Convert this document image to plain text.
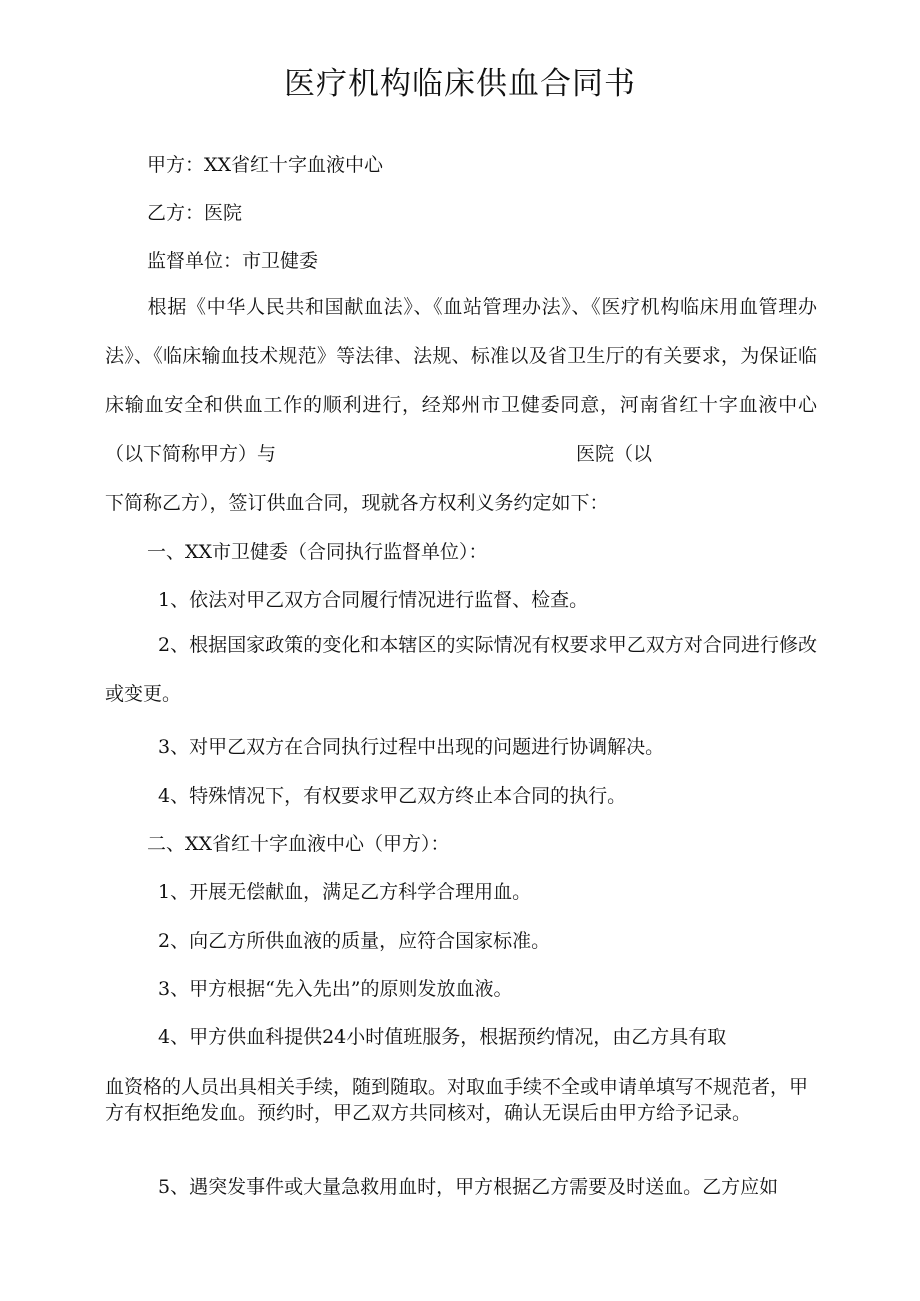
医疗机构临床供血合同书
甲方：XX省红十字血液中心
乙方：医院
监督单位：市卫健委
根据《中华人民共和国献血法》、《血站管理办法》、《医疗机构临床用血管理办法》、《临床输血技术规范》等法律、法规、标准以及省卫生厅的有关要求，为保证临床输血安全和供血工作的顺利进行，经郑州市卫健委同意，河南省红十字血液中心（以下简称甲方）与	医院（以
下简称乙方），签订供血合同，现就各方权利义务约定如下：
一、XX市卫健委（合同执行监督单位）：
1、依法对甲乙双方合同履行情况进行监督、检查。
2、根据国家政策的变化和本辖区的实际情况有权要求甲乙双方对合同进行修改或变更。
3、对甲乙双方在合同执行过程中出现的问题进行协调解决。
4、特殊情况下，有权要求甲乙双方终止本合同的执行。
二、XX省红十字血液中心（甲方）：
1、开展无偿献血，满足乙方科学合理用血。
2、向乙方所供血液的质量，应符合国家标准。
3、甲方根据“先入先出”的原则发放血液。
4、甲方供血科提供24小时值班服务，根据预约情况，由乙方具有取
血资格的人员出具相关手续，随到随取。对取血手续不全或申请单填写不规范者，甲方有权拒绝发血。预约时，甲乙双方共同核对，确认无误后由甲方给予记录。
5、遇突发事件或大量急救用血时，甲方根据乙方需要及时送血。乙方应如
